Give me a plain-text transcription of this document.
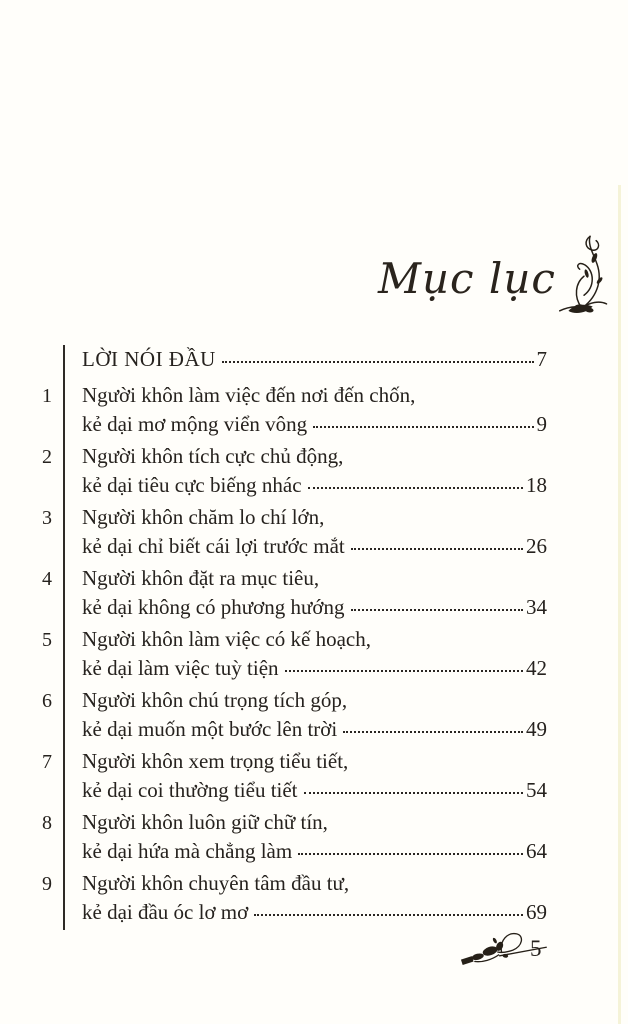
Mục lục
LỜI NÓI ĐẦU	7
1	Người khôn làm việc đến nơi đến chốn,
kẻ dại mơ mộng viển vông	9
2	Người khôn tích cực chủ động,
kẻ dại tiêu cực biếng nhác	18
3	Người khôn chăm lo chí lớn,
kẻ dại chỉ biết cái lợi trước mắt	26
4	Người khôn đặt ra mục tiêu,
kẻ dại không có phương hướng	34
5	Người khôn làm việc có kế hoạch,
kẻ dại làm việc tuỳ tiện	42
6	Người khôn chú trọng tích góp,
kẻ dại muốn một bước lên trời	49
7	Người khôn xem trọng tiểu tiết,
kẻ dại coi thường tiểu tiết	54
8	Người khôn luôn giữ chữ tín,
kẻ dại hứa mà chẳng làm	64
9	Người khôn chuyên tâm đầu tư,
kẻ dại đầu óc lơ mơ	69
5
